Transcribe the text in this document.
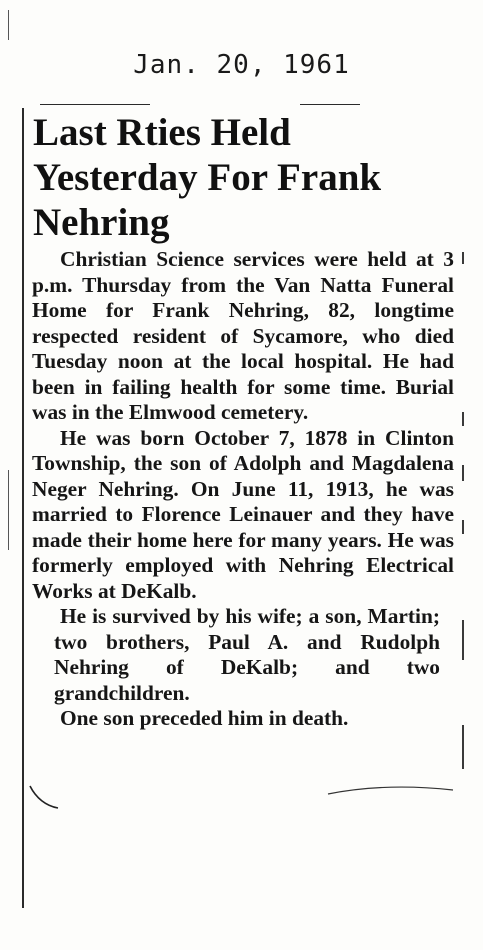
Jan. 20, 1961
Last Rties Held Yesterday For Frank Nehring

Christian Science services were held at 3 p.m. Thursday from the Van Natta Funeral Home for Frank Nehring, 82, longtime respected resident of Sycamore, who died Tuesday noon at the local hospital. He had been in failing health for some time. Burial was in the Elmwood cemetery.

He was born October 7, 1878 in Clinton Township, the son of Adolph and Magdalena Neger Nehring. On June 11, 1913, he was married to Florence Leinauer and they have made their home here for many years. He was formerly employed with Nehring Electrical Works at DeKalb.

He is survived by his wife; a son, Martin; two brothers, Paul A. and Rudolph Nehring of DeKalb; and two grandchildren.

One son preceded him in death.
